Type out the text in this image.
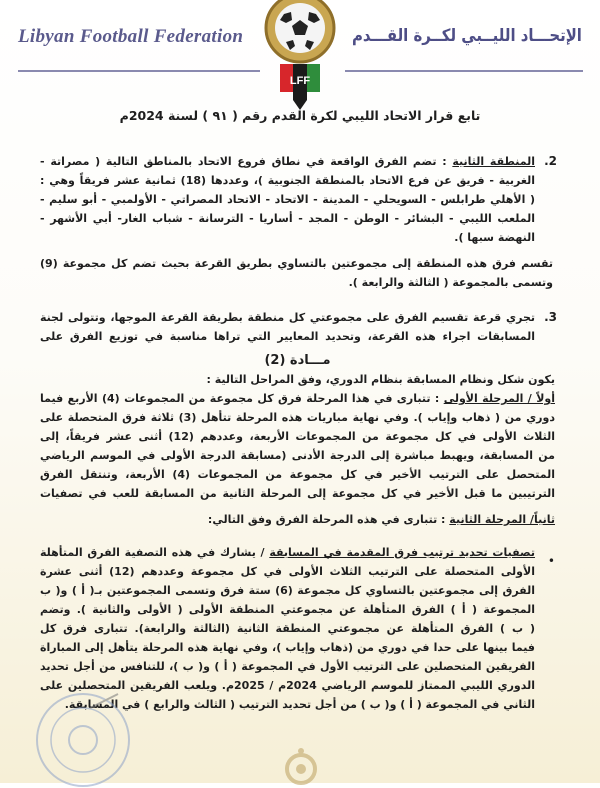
Libyan Football Federation	الإتحـــاد الليــبي لكــرة القـــدم
LFF
تابع قرار الاتحاد الليبي لكرة القدم رقم ( ٩١ ) لسنة 2024م
2.
المنطقة الثانية : تضم الفرق الواقعة في نطاق فروع الاتحاد بالمناطق التالية ( مصراتة -
الغربية - فريق عن فرع الاتحاد بالمنطقة الجنوبية )، وعددها (18) ثمانية عشر فريقاً وهي :
( الأهلي طرابلس - السويحلي - المدينة - الاتحاد - الاتحاد المصراتي - الأولمبي - أبو سليم -
الملعب الليبي - البشائر - الوطن - المجد - أساريا - الترسانة - شباب الغار- أبي الأشهر -
النهضة سبها ).
تقسم فرق هذه المنطقة إلى مجموعتين بالتساوي بطريق القرعة بحيث تضم كل مجموعة (9)
وتسمى بالمجموعة ( الثالثة والرابعة ).
3.
تجري قرعة تقسيم الفرق على مجموعتي كل منطقة بطريقة القرعة الموجها، وتتولى لجنة
المسابقات اجراء هذه القرعة، وتحديد المعايير التي تراها مناسبة في توزيع الفرق على
مـــادة (2)
يكون شكل ونظام المسابقة بنظام الدوري، وفق المراحل التالية :
أولاً / المرحلة الأولى : تتبارى في هذا المرحلة فرق كل مجموعة من المجموعات (4) الأربع فيما
دوري من ( ذهاب وإياب ). وفي نهاية مباريات هذه المرحلة تتأهل (3) ثلاثة فرق المتحصلة على
الثلاث الأولى في كل مجموعة من المجموعات الأربعة، وعددهم (12) أثنى عشر فريقاً، إلى
من المسابقة، ويهبط مباشرة إلى الدرجة الأدنى (مسابقة الدرجة الأولى في الموسم الرياضي
المتحصل على الترتيب الأخير في كل مجموعة من المجموعات (4) الأربعة، وتنتقل الفرق
الترتيبين ما قبل الأخير في كل مجموعة إلى المرحلة الثانية من المسابقة للعب في تصفيات
ثانياً/ المرحلة الثانية : تتبارى في هذه المرحلة الفرق وفق التالي:
•
تصفيات تحديد ترتيب فرق المقدمة في المسابقة / يشارك في هذه التصفية الفرق المتأهلة
الأولى المتحصلة على الترتيب الثلاث الأولى في كل مجموعة وعددهم (12) أثنى عشرة
الفرق إلى مجموعتين بالتساوي كل مجموعة (6) ستة فرق وتسمى المجموعتين بـ( أ ) و( ب
المجموعة ( أ ) الفرق المتأهلة عن مجموعتي المنطقة الأولى ( الأولى والثانية ). وتضم
( ب ) الفرق المتأهلة عن مجموعتي المنطقة الثانية (الثالثة والرابعة). تتبارى فرق كل
فيما بينها على حدا في دوري من (ذهاب وإياب )، وفي نهاية هذه المرحلة يتأهل إلى المباراة
الفريقين المتحصلين على الترتيب الأول في المجموعة ( أ ) و( ب )، للتنافس من أجل تحديد
الدوري الليبي الممتاز للموسم الرياضي 2024م / 2025م. ويلعب الفريقين المتحصلين على
الثاني في المجموعة ( أ ) و( ب ) من أجل تحديد الترتيب ( الثالث والرابع ) في المسابقة.
